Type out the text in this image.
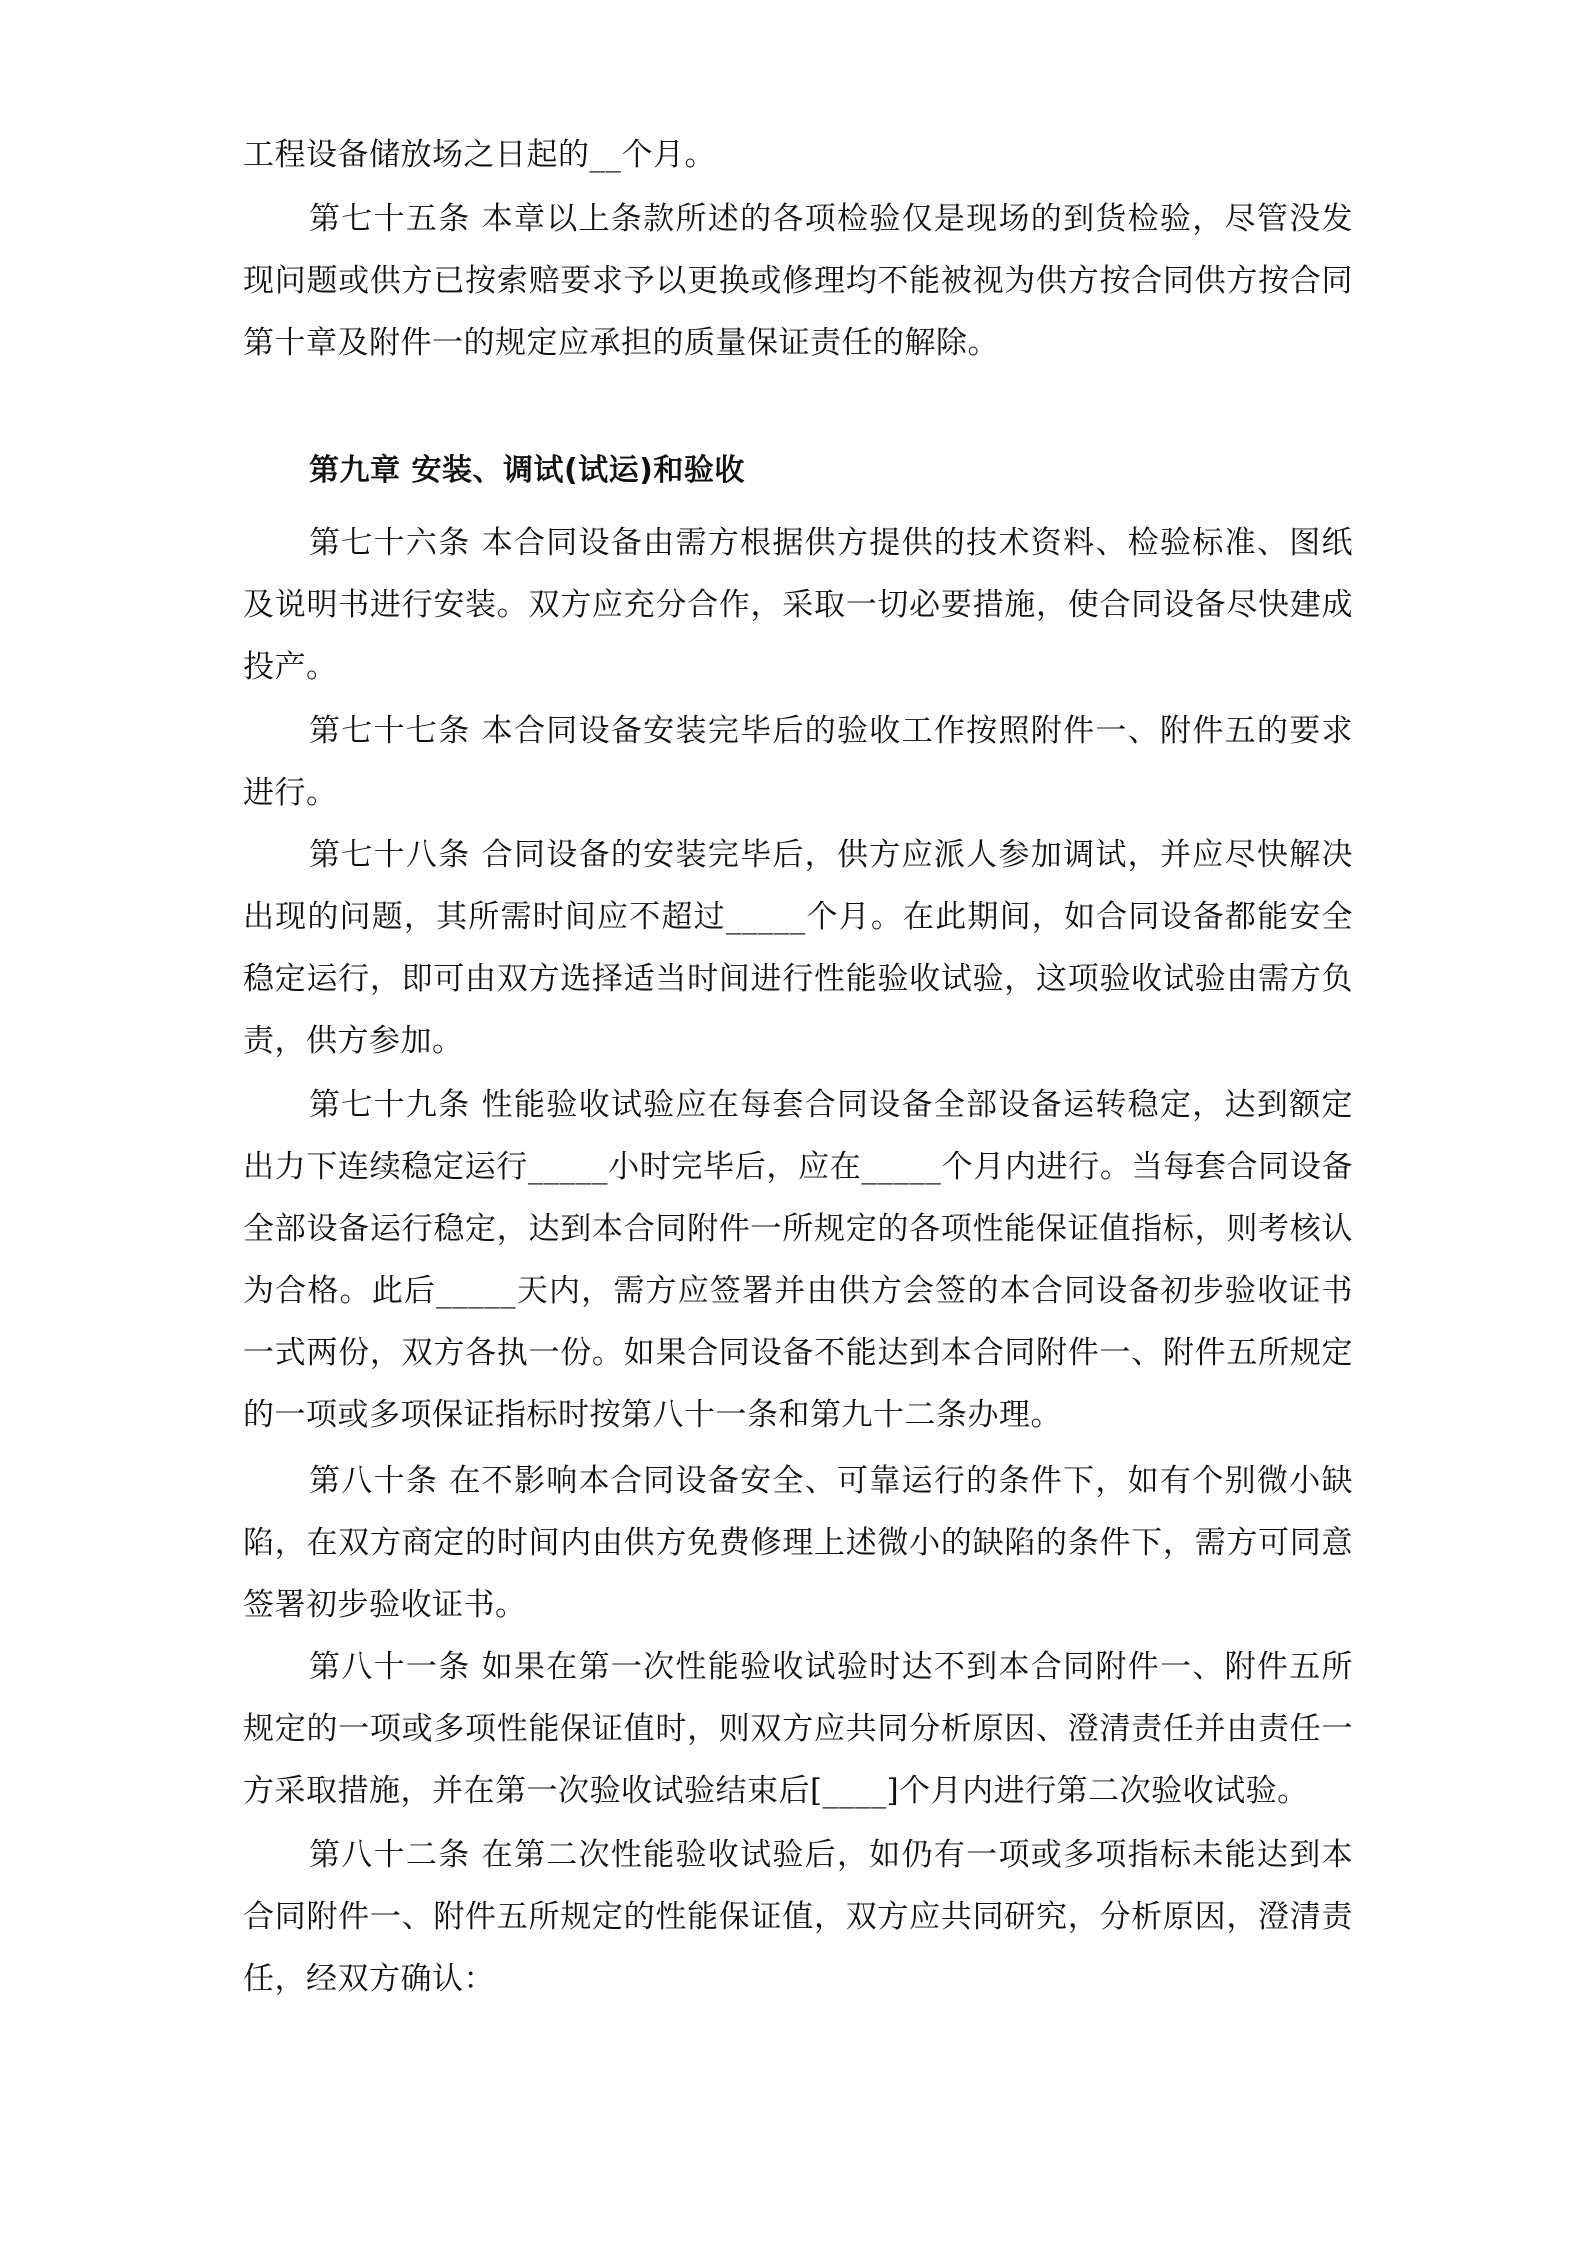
工程设备储放场之日起的__个月。

第七十五条 本章以上条款所述的各项检验仅是现场的到货检验，尽管没发现问题或供方已按索赔要求予以更换或修理均不能被视为供方按合同供方按合同第十章及附件一的规定应承担的质量保证责任的解除。

第九章 安装、调试(试运)和验收

第七十六条 本合同设备由需方根据供方提供的技术资料、检验标准、图纸及说明书进行安装。双方应充分合作，采取一切必要措施，使合同设备尽快建成投产。

第七十七条 本合同设备安装完毕后的验收工作按照附件一、附件五的要求进行。

第七十八条 合同设备的安装完毕后，供方应派人参加调试，并应尽快解决出现的问题，其所需时间应不超过_____个月。在此期间，如合同设备都能安全稳定运行，即可由双方选择适当时间进行性能验收试验，这项验收试验由需方负责，供方参加。

第七十九条 性能验收试验应在每套合同设备全部设备运转稳定，达到额定出力下连续稳定运行_____小时完毕后，应在_____个月内进行。当每套合同设备全部设备运行稳定，达到本合同附件一所规定的各项性能保证值指标，则考核认为合格。此后_____天内，需方应签署并由供方会签的本合同设备初步验收证书一式两份，双方各执一份。如果合同设备不能达到本合同附件一、附件五所规定的一项或多项保证指标时按第八十一条和第九十二条办理。

第八十条 在不影响本合同设备安全、可靠运行的条件下，如有个别微小缺陷，在双方商定的时间内由供方免费修理上述微小的缺陷的条件下，需方可同意签署初步验收证书。

第八十一条 如果在第一次性能验收试验时达不到本合同附件一、附件五所规定的一项或多项性能保证值时，则双方应共同分析原因、澄清责任并由责任一方采取措施，并在第一次验收试验结束后[____]个月内进行第二次验收试验。

第八十二条 在第二次性能验收试验后，如仍有一项或多项指标未能达到本合同附件一、附件五所规定的性能保证值，双方应共同研究，分析原因，澄清责任，经双方确认：
